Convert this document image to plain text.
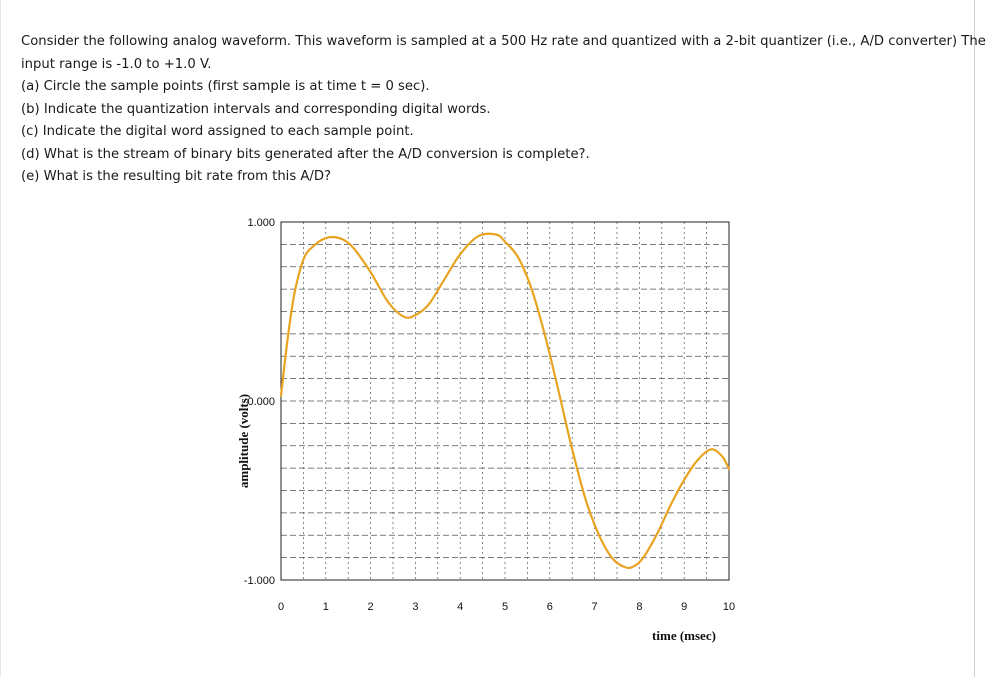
Consider the following analog waveform. This waveform is sampled at a 500 Hz rate and quantized with a 2-bit quantizer (i.e., A/D converter) The

input range is -1.0 to +1.0 V.

(a) Circle the sample points (first sample is at time t = 0 sec).

(b) Indicate the quantization intervals and corresponding digital words.

(c) Indicate the digital word assigned to each sample point.

(d) What is the stream of binary bits generated after the A/D conversion is complete?.

(e) What is the resulting bit rate from this A/D?

1.000
0.000
-1.000
0	1	2	3	4	5	6	7	8	9	10
amplitude (volts)
time (msec)
